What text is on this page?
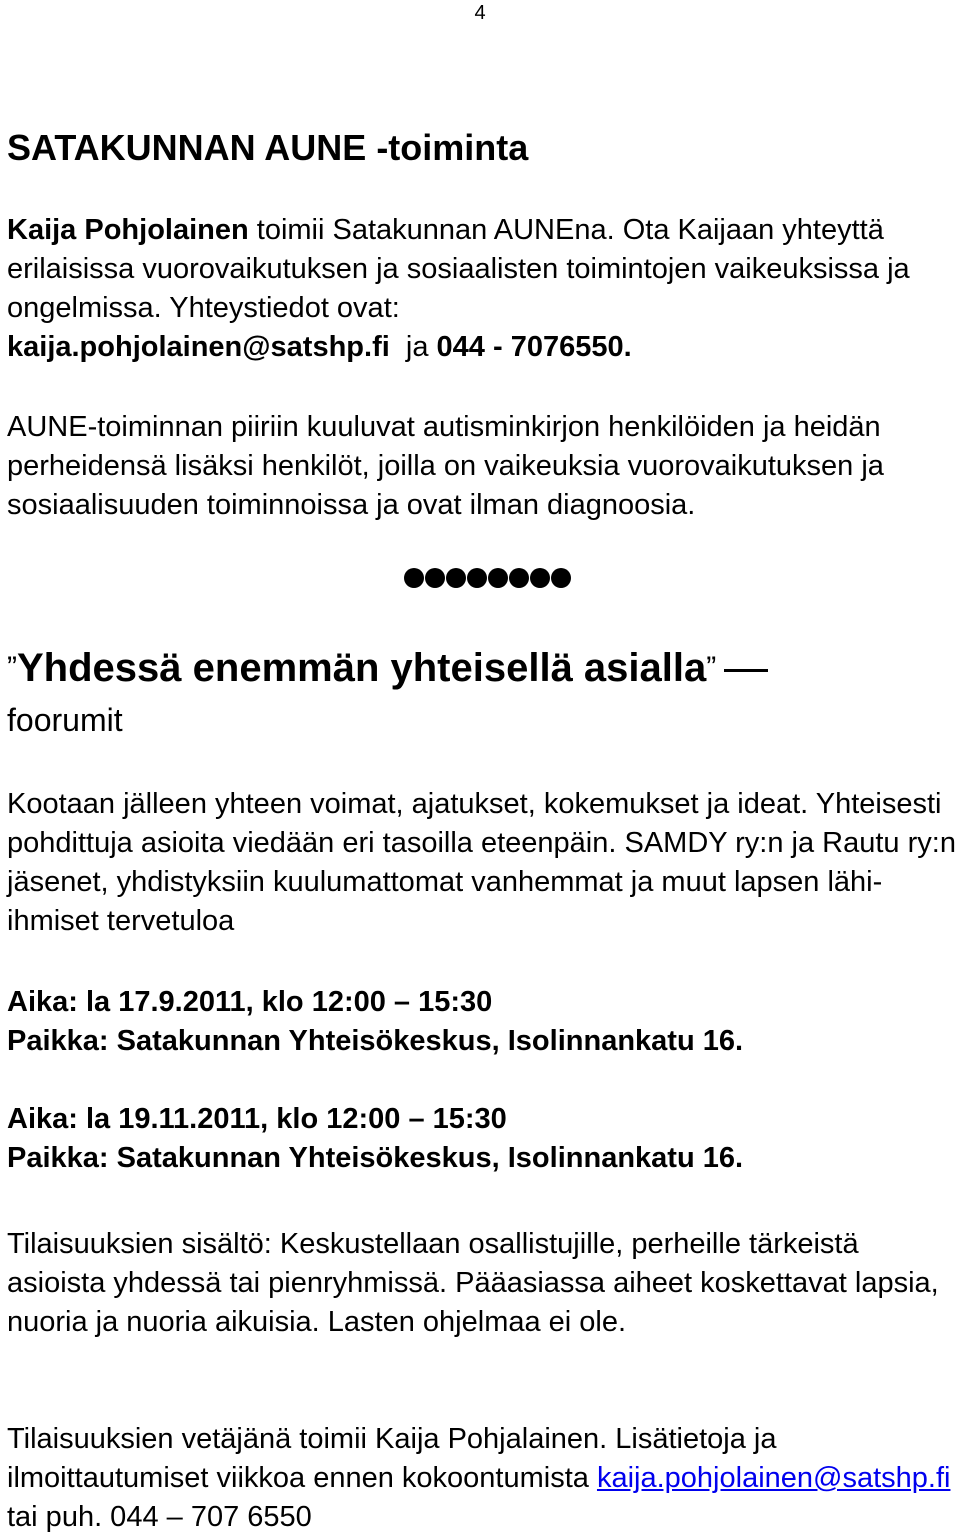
4
SATAKUNNAN AUNE -toiminta

Kaija Pohjolainen toimii Satakunnan AUNEna. Ota Kaijaan yhteyttä erilaisissa vuorovaikutuksen ja sosiaalisten toimintojen vaikeuksissa ja ongelmissa. Yhteystiedot ovat:
kaija.pohjolainen@satshp.fi  ja 044 - 7076550.

AUNE-toiminnan piiriin kuuluvat autisminkirjon henkilöiden ja heidän perheidensä lisäksi henkilöt, joilla on vaikeuksia vuorovaikutuksen ja sosiaalisuuden toiminnoissa ja ovat ilman diagnoosia.

”Yhdessä enemmän yhteisellä asialla”

foorumit

Kootaan jälleen yhteen voimat, ajatukset, kokemukset ja ideat. Yhteisesti pohdittuja asioita viedään eri tasoilla eteenpäin. SAMDY ry:n ja Rautu ry:n jäsenet, yhdistyksiin kuulumattomat vanhemmat ja muut lapsen lähi-ihmiset tervetuloa

Aika: la 17.9.2011, klo 12:00 – 15:30
Paikka: Satakunnan Yhteisökeskus, Isolinnankatu 16.
Aika: la 19.11.2011, klo 12:00 – 15:30
Paikka: Satakunnan Yhteisökeskus, Isolinnankatu 16.

Tilaisuuksien sisältö: Keskustellaan osallistujille, perheille tärkeistä asioista yhdessä tai pienryhmissä. Pääasiassa aiheet koskettavat lapsia, nuoria ja nuoria aikuisia. Lasten ohjelmaa ei ole.

Tilaisuuksien vetäjänä toimii Kaija Pohjalainen. Lisätietoja ja ilmoittautumiset viikkoa ennen kokoontumista kaija.pohjolainen@satshp.fi tai puh. 044 – 707 6550
